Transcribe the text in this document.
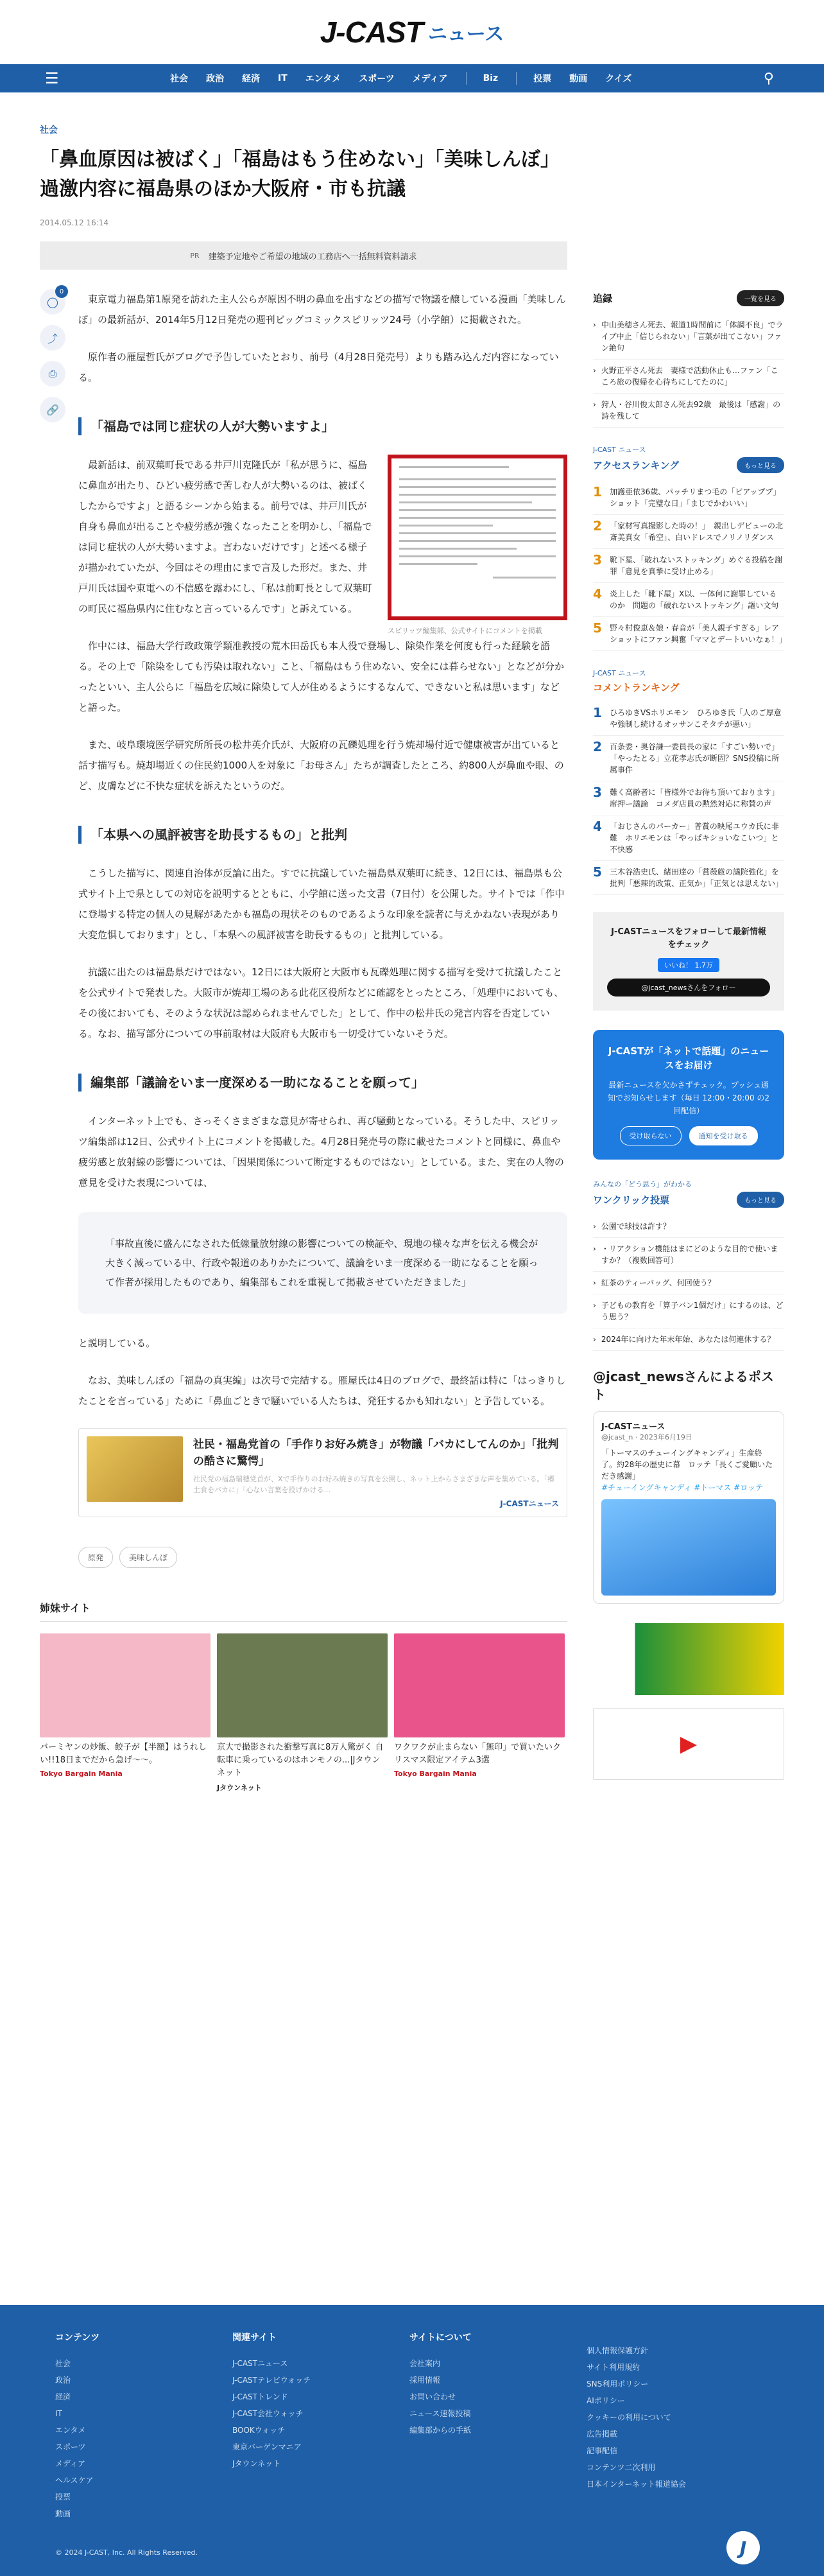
J-CAST ニュース
☰	社会 政治 経済 IT エンタメ スポーツ メディア	Biz	投票 動画 クイズ	⚲
社会
「鼻血原因は被ばく」「福島はもう住めない」「美味しんぼ」過激内容に福島県のほか大阪府・市も抗議
2014.05.12 16:14
PR 建築予定地やご希望の地域の工務店へ一括無料資料請求
◯
0
⤴
⎙
🔗

東京電力福島第1原発を訪れた主人公らが原因不明の鼻血を出すなどの描写で物議を醸している漫画「美味しんぼ」の最新話が、2014年5月12日発売の週刊ビッグコミックスピリッツ24号（小学館）に掲載された。

原作者の雁屋哲氏がブログで予告していたとおり、前号（4月28日発売号）よりも踏み込んだ内容になっている。

「福島では同じ症状の人が大勢いますよ」

最新話は、前双葉町長である井戸川克隆氏が「私が思うに、福島に鼻血が出たり、ひどい疲労感で苦しむ人が大勢いるのは、被ばくしたからですよ」と語るシーンから始まる。前号では、井戸川氏が自身も鼻血が出ることや疲労感が強くなったことを明かし、「福島では同じ症状の人が大勢いますよ。言わないだけです」と述べる様子が描かれていたが、今回はその理由にまで言及した形だ。また、井戸川氏は国や東電への不信感を露わにし、「私は前町長として双葉町の町民に福島県内に住むなと言っているんです」と訴えている。

スピリッツ編集部、公式サイトにコメントを掲載

作中には、福島大学行政政策学類准教授の荒木田岳氏も本人役で登場し、除染作業を何度も行った経験を語る。その上で「除染をしても汚染は取れない」こと、「福島はもう住めない、安全には暮らせない」となどが分かったといい、主人公らに「福島を広域に除染して人が住めるようにするなんて、できないと私は思います」などと語った。

また、岐阜環境医学研究所所長の松井英介氏が、大阪府の瓦礫処理を行う焼却場付近で健康被害が出ていると話す描写も。焼却場近くの住民約1000人を対象に「お母さん」たちが調査したところ、約800人が鼻血や眼、のど、皮膚などに不快な症状を訴えたというのだ。

「本県への風評被害を助長するもの」と批判

こうした描写に、関連自治体が反論に出た。すでに抗議していた福島県双葉町に続き、12日には、福島県も公式サイト上で県としての対応を説明するとともに、小学館に送った文書（7日付）を公開した。サイトでは「作中に登場する特定の個人の見解があたかも福島の現状そのものであるような印象を読者に与えかねない表現があり大変危惧しております」とし、「本県への風評被害を助長するもの」と批判している。

抗議に出たのは福島県だけではない。12日には大阪府と大阪市も瓦礫処理に関する描写を受けて抗議したことを公式サイトで発表した。大阪市が焼却工場のある此花区役所などに確認をとったところ、「処理中においても、その後においても、そのような状況は認められませんでした」として、作中の松井氏の発言内容を否定している。なお、描写部分についての事前取材は大阪府も大阪市も一切受けていないそうだ。

編集部「議論をいま一度深める一助になることを願って」

インターネット上でも、さっそくさまざまな意見が寄せられ、再び騒動となっている。そうした中、スピリッツ編集部は12日、公式サイト上にコメントを掲載した。4月28日発売号の際に載せたコメントと同様に、鼻血や疲労感と放射線の影響については、「因果関係について断定するものではない」としている。また、実在の人物の意見を受けた表現については、

「事故直後に盛んになされた低線量放射線の影響についての検証や、現地の様々な声を伝える機会が大きく減っている中、行政や報道のありかたについて、議論をいま一度深める一助になることを願って作者が採用したものであり、編集部もこれを重視して掲載させていただきました」

と説明している。

なお、美味しんぼの「福島の真実編」は次号で完結する。雁屋氏は4日のブログで、最終話は特に「はっきりしたことを言っている」ために「鼻血ごときで騒いでいる人たちは、発狂するかも知れない」と予告している。

社民・福島党首の「手作りお好み焼き」が物議「バカにしてんのか」「批判の酷さに驚愕」
社民党の福島瑞穂党首が、Xで手作りのお好み焼きの写真を公開し、ネット上からさまざまな声を集めている。「郷土食をバカに」「心ない言葉を投げかける...
J-CASTニュース
原発	美味しんぼ
姉妹サイト
バーミヤンの炒飯、餃子が【半額】はうれしい!!18日までだから急げ〜〜。
Tokyo Bargain Mania
京大で撮影された衝撃写真に8万人驚がく 自転車に乗っているのはホンモノの...|Jタウンネット
Jタウンネット
ワクワクが止まらない「無印」で買いたいクリスマス限定アイテム3選
Tokyo Bargain Mania
追録	一覧を見る
› 中山美穂さん死去、報道1時間前に「体調不良」でライブ中止「信じられない」「言葉が出てこない」ファン絶句
› 火野正平さん死去　妻様で活動休止も…ファン「こころ旅の復帰を心待ちにしてたのに」
› 狩人・谷川俊太郎さん死去92歳　最後は「感謝」の詩を残して
J-CAST ニュース
アクセスランキング	もっと見る
1	加護亜依36歳、パッチリまつ毛の「ビアッププ」ショット「完璧な日」「まじでかわいい」
2	「家材写真撮影した時の！」　親出しデビューの北斎美真女「希空」、白いドレスでノリノリダンス
3	靴下星、「破れないストッキング」めぐる投稿を謝罪「意見を真摯に受け止める」
4	炎上した「靴下屋」X以、一体何に謝罪しているのか　問題の「破れないストッキング」謳い文句
5	野々村俊恵＆娘・春音が「美人親子すぎる」レアショットにファン興奮「ママとデートいいなぁ！」
J-CAST ニュース
コメントランキング
1	ひろゆきVSホリエモン　ひろゆき氏「人のご厚意や強制し続けるオッサンこそタチが悪い」
2	百条委・奥谷謙一委員長の家に「すごい勢いで」「やったとる」立花孝志氏が断固？SNS投稿に所属事件
3	難く高齢者に「皆様外でお待ち頂いております」席押ー議論　コメダ店員の勲然対応に称賛の声
4	「おじさんのパーカー」普賞の映尾ユウカ氏に非難　ホリエモンは「やっぱキショいなこいつ」と不快感
5	三木谷浩史氏、緒田達の「賞殺厳の議院強化」を批判「悪辣的政策、正気か」「正気とは思えない」
J-CASTニュースをフォローして最新情報をチェック
いいね！ 1.7万
@jcast_newsさんをフォロー
J-CASTが「ネットで話題」のニュースをお届け
最新ニュースを欠かさずチェック。プッシュ通知でお知らせします（毎日 12:00・20:00 の2回配信）
受け取らない	通知を受け取る
みんなの「どう思う」がわかる
ワンクリック投票	もっと見る
› 公園で球技は許す？
› ・リアクション機能はまにどのような目的で使いますか？（複数回答可）
› 紅茶のティーバッグ、何回使う？
› 子どもの教育を「算子バン1個だけ」にするのは、どう思う？
› 2024年に向けた年末年始、あなたは何連休する？
@jcast_newsさんによるポスト
J-CASTニュース
@jcast_n · 2023年6月19日
「トーマスのチューイングキャンディ」生産終了。約28年の歴史に幕　ロッテ「長くご愛顧いただき感謝」
#チューイングキャンディ #トーマス #ロッテ
▶
コンテンツ
社会
政治
経済
IT
エンタメ
スポーツ
メディア
ヘルスケア
投票
動画
関連サイト
J-CASTニュース
J-CASTテレビウォッチ
J-CASTトレンド
J-CAST会社ウォッチ
BOOKウォッチ
東京バーゲンマニア
Jタウンネット
サイトについて
会社案内
採用情報
お問い合わせ
ニュース速報投稿
編集部からの手紙
個人情報保護方針
サイト利用規約
SNS利用ポリシー
AIポリシー
クッキーの利用について
広告掲載
記事配信
コンテンツ二次利用
日本インターネット報道協会
© 2024 J-CAST, Inc. All Rights Reserved.	J
